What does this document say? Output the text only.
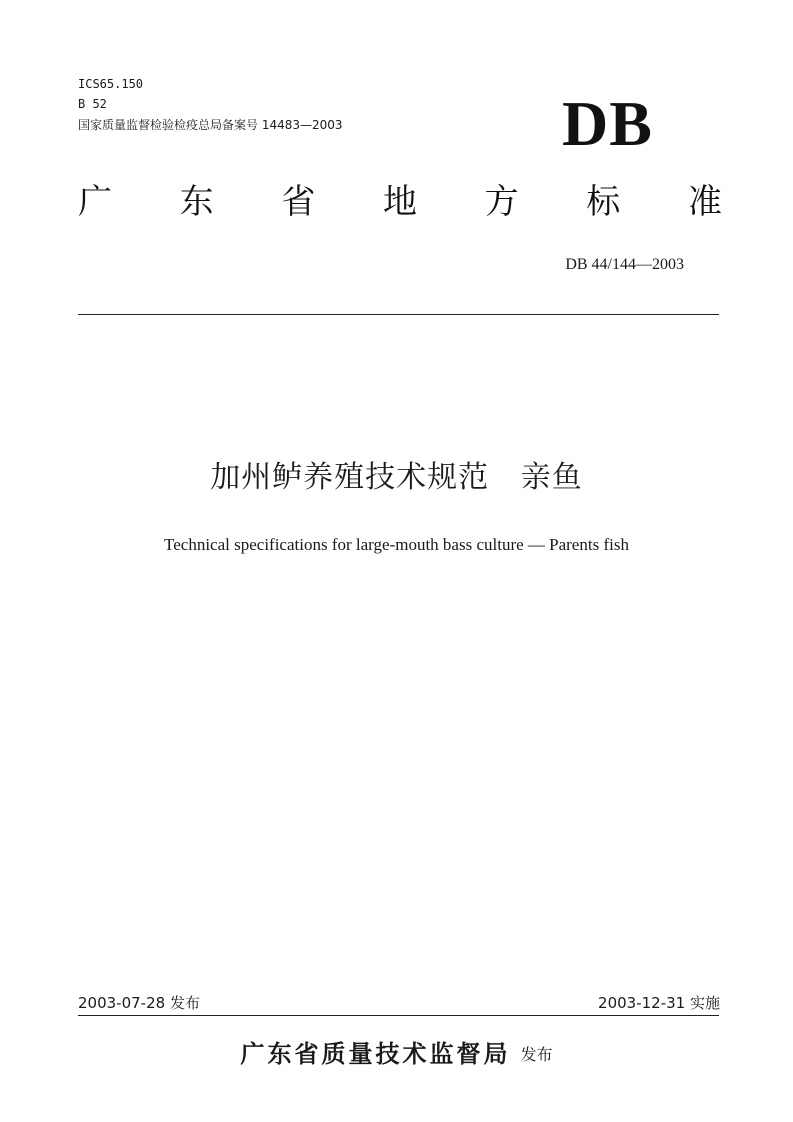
ICS65.150
B 52
国家质量监督检验检疫总局备案号 14483—2003	DB
广 东 省 地 方 标 准
DB 44/144—2003
加州鲈养殖技术规范   亲鱼
Technical specifications for large-mouth bass culture — Parents fish
2003-07-28 发布	2003-12-31 实施
广东省质量技术监督局 发布
